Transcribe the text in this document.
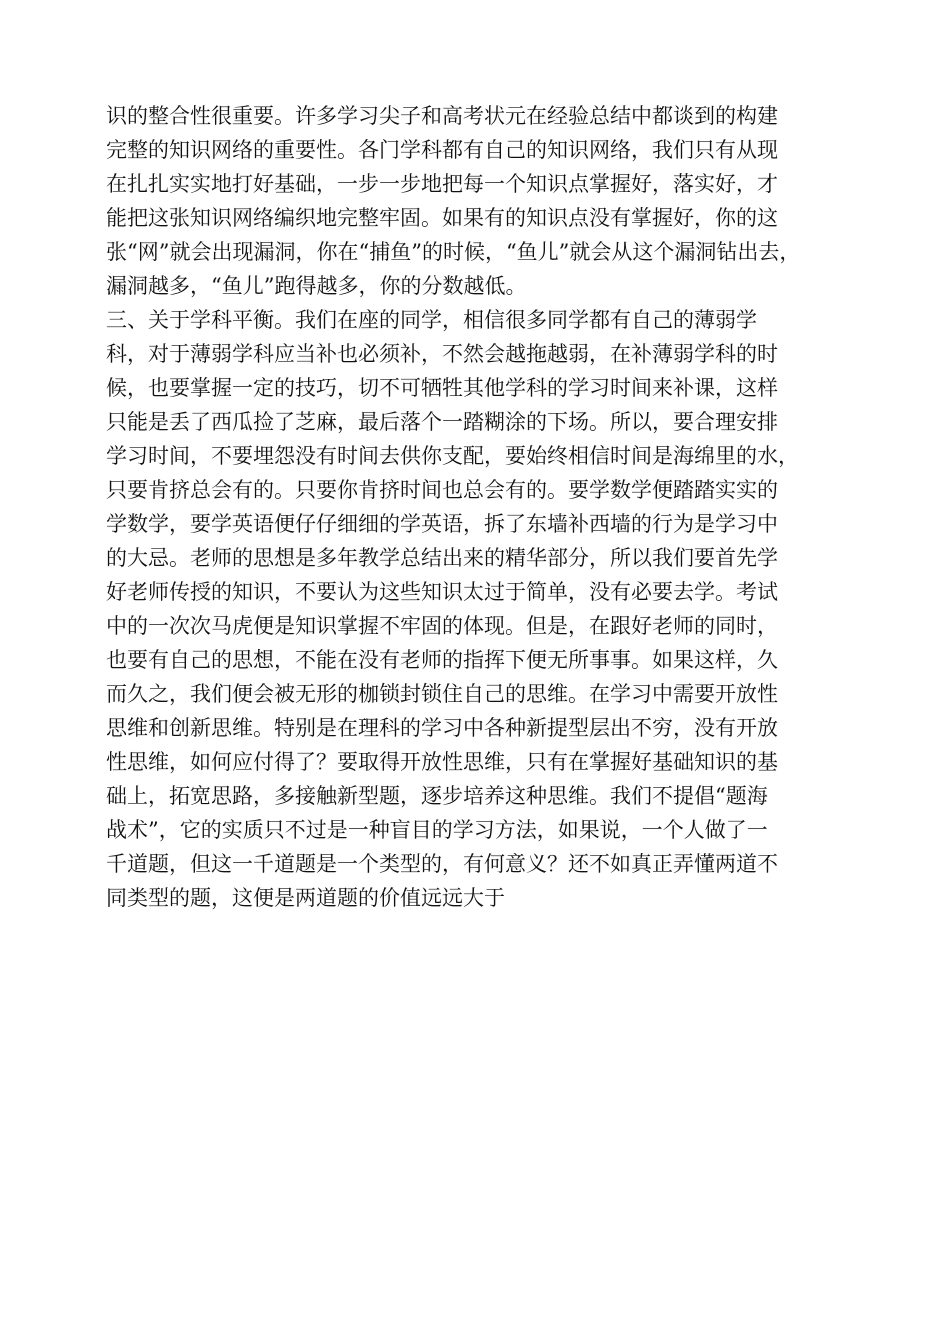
识的整合性很重要。许多学习尖子和高考状元在经验总结中都谈到的构建
完整的知识网络的重要性。各门学科都有自己的知识网络，我们只有从现
在扎扎实实地打好基础，一步一步地把每一个知识点掌握好，落实好，才
能把这张知识网络编织地完整牢固。如果有的知识点没有掌握好，你的这
张“网”就会出现漏洞，你在“捕鱼”的时候，“鱼儿”就会从这个漏洞钻出去，
漏洞越多，“鱼儿”跑得越多，你的分数越低。
三、关于学科平衡。我们在座的同学，相信很多同学都有自己的薄弱学
科，对于薄弱学科应当补也必须补，不然会越拖越弱，在补薄弱学科的时
候，也要掌握一定的技巧，切不可牺牲其他学科的学习时间来补课，这样
只能是丢了西瓜捡了芝麻，最后落个一踏糊涂的下场。所以，要合理安排
学习时间，不要埋怨没有时间去供你支配，要始终相信时间是海绵里的水，
只要肯挤总会有的。只要你肯挤时间也总会有的。要学数学便踏踏实实的
学数学，要学英语便仔仔细细的学英语，拆了东墙补西墙的行为是学习中
的大忌。老师的思想是多年教学总结出来的精华部分，所以我们要首先学
好老师传授的知识，不要认为这些知识太过于简单，没有必要去学。考试
中的一次次马虎便是知识掌握不牢固的体现。但是，在跟好老师的同时，
也要有自己的思想，不能在没有老师的指挥下便无所事事。如果这样，久
而久之，我们便会被无形的枷锁封锁住自己的思维。在学习中需要开放性
思维和创新思维。特别是在理科的学习中各种新提型层出不穷，没有开放
性思维，如何应付得了？要取得开放性思维，只有在掌握好基础知识的基
础上，拓宽思路，多接触新型题，逐步培养这种思维。我们不提倡“题海
战术”，它的实质只不过是一种盲目的学习方法，如果说，一个人做了一
千道题，但这一千道题是一个类型的，有何意义？还不如真正弄懂两道不
同类型的题，这便是两道题的价值远远大于
